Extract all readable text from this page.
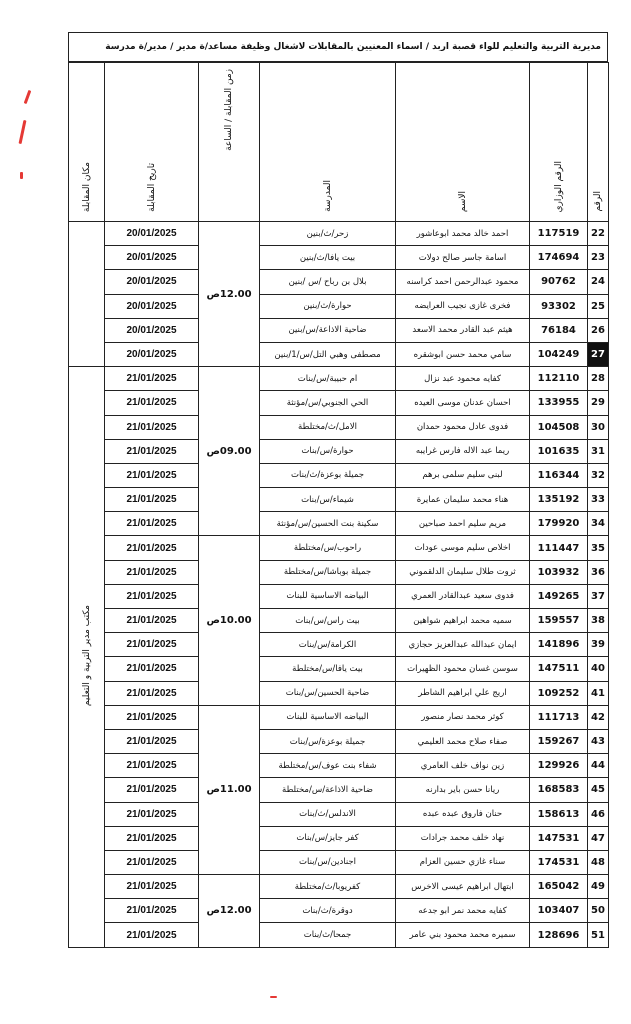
مديرية التربية والتعليم للواء قصبة اربد / اسماء المعنيين بالمقابلات لاشغال وظيفة مساعد/ة مدير / مدير/ة مدرسة
الرقم	الرقم الوزاري	الاسم	المدرسة	زمن المقابلة / الساعة	تاريخ المقابلة	مكان المقابلة
22	117519	احمد خالد محمد ابوعاشور	زحر/ث/بنين	12.00ص	20/01/2025	
23	174694	اسامة جاسر صالح دولات	بيت يافا/ث/بنين		20/01/2025	
24	90762	محمود عبدالرحمن احمد كراسنه	بلال بن رباح /س /بنين		20/01/2025	
25	93302	فخرى غازى نجيب العرايضه	حوارة/ث/بنين		20/01/2025	
26	76184	هيثم عبد القادر محمد الاسعد	ضاحية الاذاعة/س/بنين		20/01/2025	
27	104249	سامي محمد حسن ابوشقره	مصطفى وهبي التل/س/1/بنين		20/01/2025	
28	112110	كفايه محمود عبد نزال	ام حبيبة/س/بنات	09.00ص	21/01/2025	مكتب مدير التربية و التعليم
29	133955	احسان عدنان موسى العيده	الحي الجنوبي/س/مؤنثة		21/01/2025	
30	104508	فدوى عادل محمود حمدان	الامل/ث/مختلطة		21/01/2025	
31	101635	ريما عبد الاله فارس غرايبه	حوارة/س/بنات		21/01/2025	
32	116344	لبنى سليم سلمى برهم	جميلة بوعزة/ث/بنات		21/01/2025	
33	135192	هناء محمد سليمان عمايرة	شيماء/س/بنات		21/01/2025	
34	179920	مريم سليم احمد صباحين	سكينة بنت الحسين/س/مؤنثة		21/01/2025	
35	111447	اخلاص سليم موسى عودات	راحوب/س/مختلطة	10.00ص	21/01/2025	
36	103932	ثروت طلال سليمان الدلقموني	جميلة بوباشا/س/مختلطة		21/01/2025	
37	149265	فدوى سعيد عبدالقادر العمري	البياضه الاساسية للبنات		21/01/2025	
38	159557	سميه محمد ابراهيم شواهين	بيت راس/س/بنات		21/01/2025	
39	141896	ايمان عبدالله عبدالعزيز حجازي	الكرامة/س/بنات		21/01/2025	
40	147511	سوسن غسان محمود الظهيرات	بيت يافا/س/مختلطة		21/01/2025	
41	109252	اريج علي ابراهيم الشاطر	ضاحية الحسين/س/بنات		21/01/2025	
42	111713	كوثر محمد نصار منصور	البياضه الاساسية للبنات	11.00ص	21/01/2025	
43	159267	صفاء صلاح محمد العليمي	جميلة بوعزة/س/بنات		21/01/2025	
44	129926	زين نواف خلف العامري	شفاء بنت عوف/س/مختلطة		21/01/2025	
45	168583	ريانا حسن باير بدارنه	ضاحية الاذاعة/س/مختلطة		21/01/2025	
46	158613	حنان فاروق عبده عبده	الاندلس/ث/بنات		21/01/2025	
47	147531	نهاد خلف محمد جرادات	كفر جايز/س/بنات		21/01/2025	
48	174531	سناء غازي حسين العزام	اجنادين/س/بنات		21/01/2025	
49	165042	ابتهال ابراهيم عيسى الاخرس	كفريوبا/ث/مختلطة	12.00ص	21/01/2025	
50	103407	كفايه محمد نمر ابو جدعه	دوقرة/ث/بنات		21/01/2025	
51	128696	سميره محمد محمود بني عامر	جمحا/ث/بنات		21/01/2025	
